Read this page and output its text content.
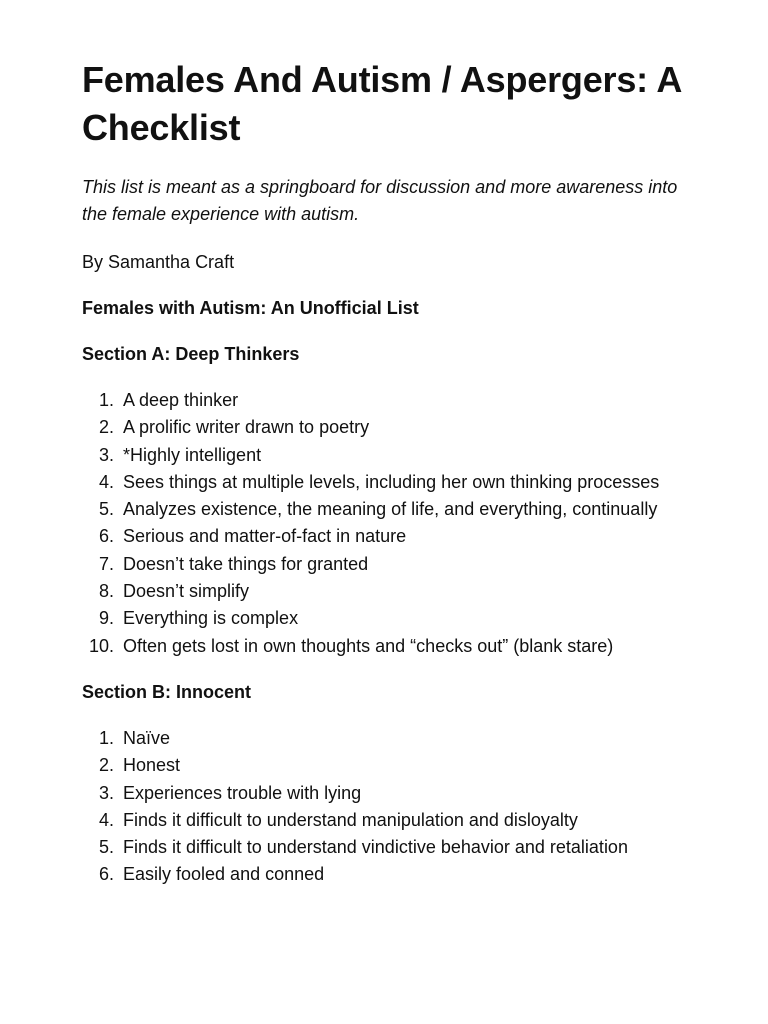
Females And Autism / Aspergers: A Checklist

This list is meant as a springboard for discussion and more awareness into the female experience with autism.

By Samantha Craft

Females with Autism: An Unofficial List

Section A: Deep Thinkers

1. A deep thinker
2. A prolific writer drawn to poetry
3. *Highly intelligent
4. Sees things at multiple levels, including her own thinking processes
5. Analyzes existence, the meaning of life, and everything, continually
6. Serious and matter-of-fact in nature
7. Doesn’t take things for granted
8. Doesn’t simplify
9. Everything is complex
10. Often gets lost in own thoughts and “checks out” (blank stare)

Section B: Innocent

1. Naïve
2. Honest
3. Experiences trouble with lying
4. Finds it difficult to understand manipulation and disloyalty
5. Finds it difficult to understand vindictive behavior and retaliation
6. Easily fooled and conned
